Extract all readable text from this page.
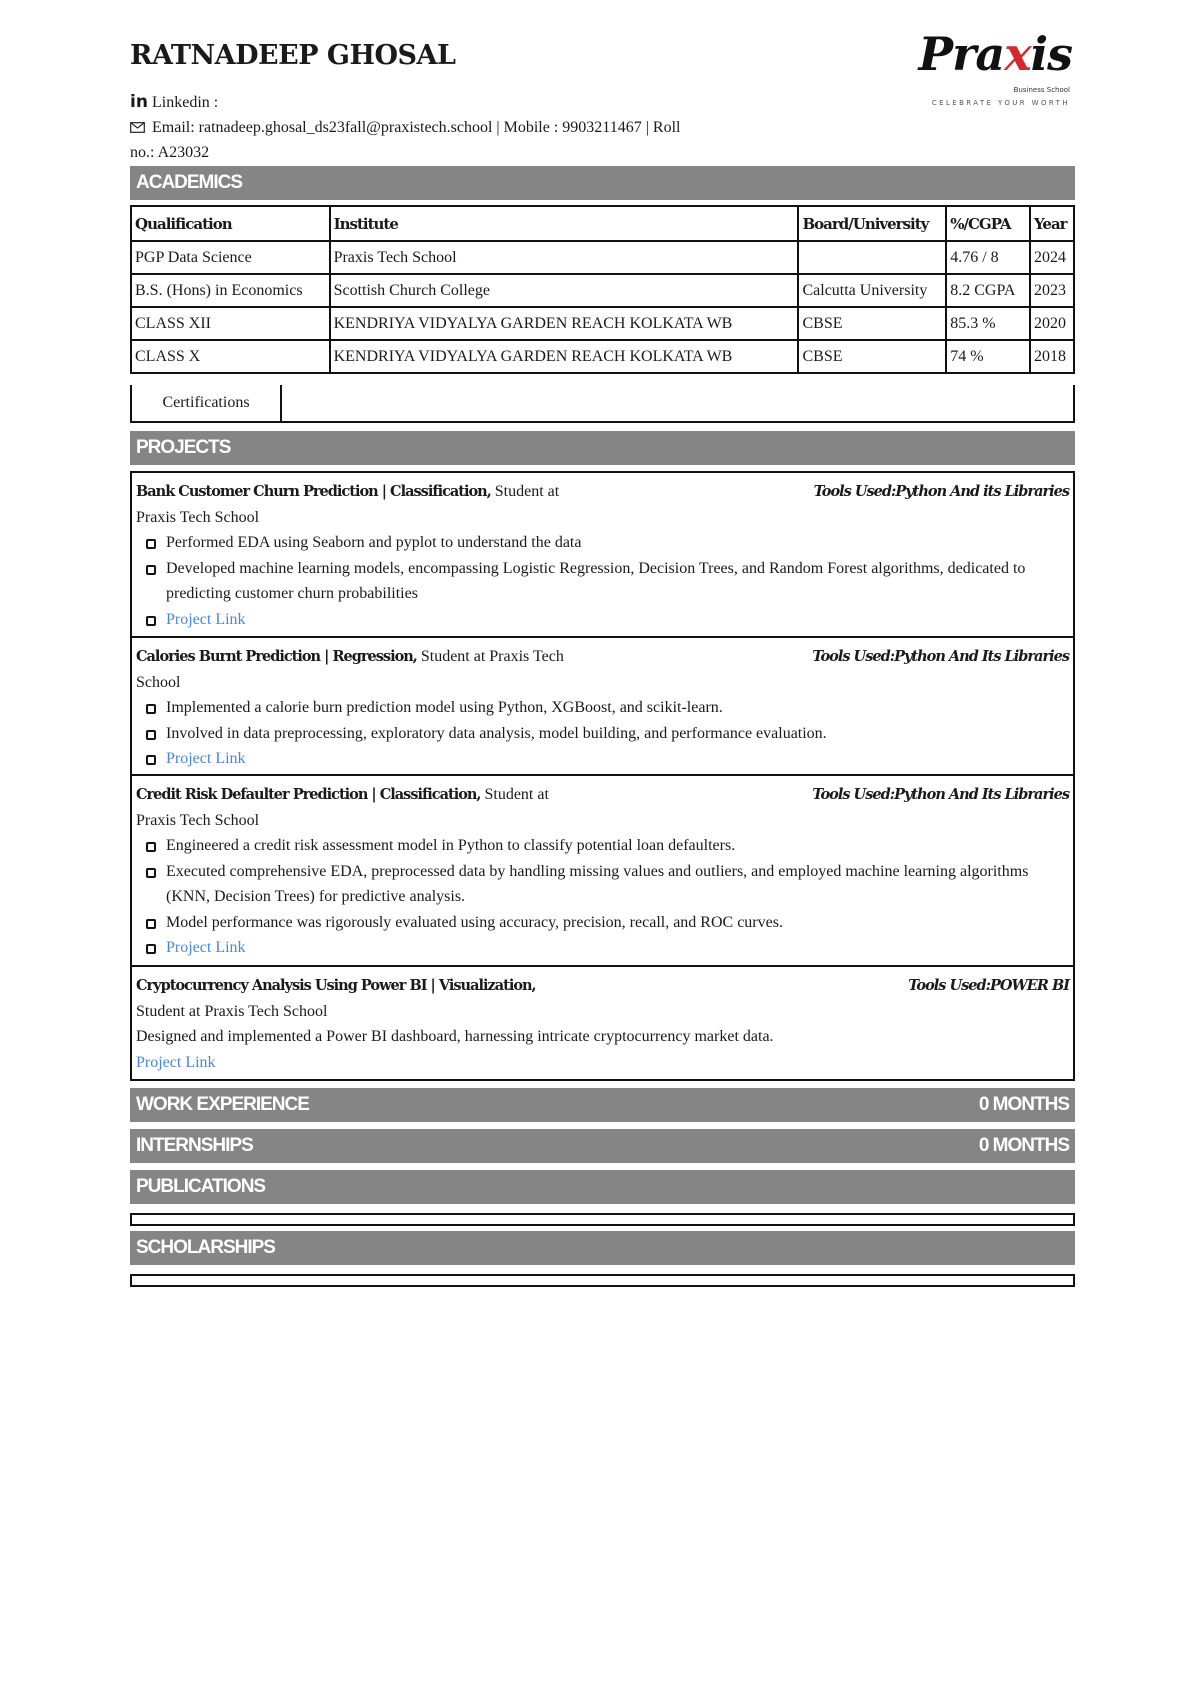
RATNADEEP GHOSAL
in Linkedin :
Email: ratnadeep.ghosal_ds23fall@praxistech.school | Mobile : 9903211467 | Roll
no.: A23032
Praxis
Business School
CELEBRATE YOUR WORTH
ACADEMICS
Qualification	Institute	Board/University	%/CGPA	Year
PGP Data Science	Praxis Tech School		4.76 / 8	2024
B.S. (Hons) in Economics	Scottish Church College	Calcutta University	8.2 CGPA	2023
CLASS XII	KENDRIYA VIDYALYA GARDEN REACH KOLKATA WB	CBSE	85.3 %	2020
CLASS X	KENDRIYA VIDYALYA GARDEN REACH KOLKATA WB	CBSE	74 %	2018
Certifications
PROJECTS
Bank Customer Churn Prediction | Classification, Student at	Tools Used:Python And its Libraries
Praxis Tech School
Performed EDA using Seaborn and pyplot to understand the data
Developed machine learning models, encompassing Logistic Regression, Decision Trees, and Random Forest algorithms, dedicated to predicting customer churn probabilities
Project Link
Calories Burnt Prediction | Regression, Student at Praxis Tech	Tools Used:Python And Its Libraries
School
Implemented a calorie burn prediction model using Python, XGBoost, and scikit-learn.
Involved in data preprocessing, exploratory data analysis, model building, and performance evaluation.
Project Link
Credit Risk Defaulter Prediction | Classification, Student at	Tools Used:Python And Its Libraries
Praxis Tech School
Engineered a credit risk assessment model in Python to classify potential loan defaulters.
Executed comprehensive EDA, preprocessed data by handling missing values and outliers, and employed machine learning algorithms (KNN, Decision Trees) for predictive analysis.
Model performance was rigorously evaluated using accuracy, precision, recall, and ROC curves.
Project Link
Cryptocurrency Analysis Using Power BI | Visualization,	Tools Used:POWER BI
Student at Praxis Tech School
Designed and implemented a Power BI dashboard, harnessing intricate cryptocurrency market data.
Project Link
WORK EXPERIENCE	0 MONTHS
INTERNSHIPS	0 MONTHS
PUBLICATIONS
SCHOLARSHIPS
